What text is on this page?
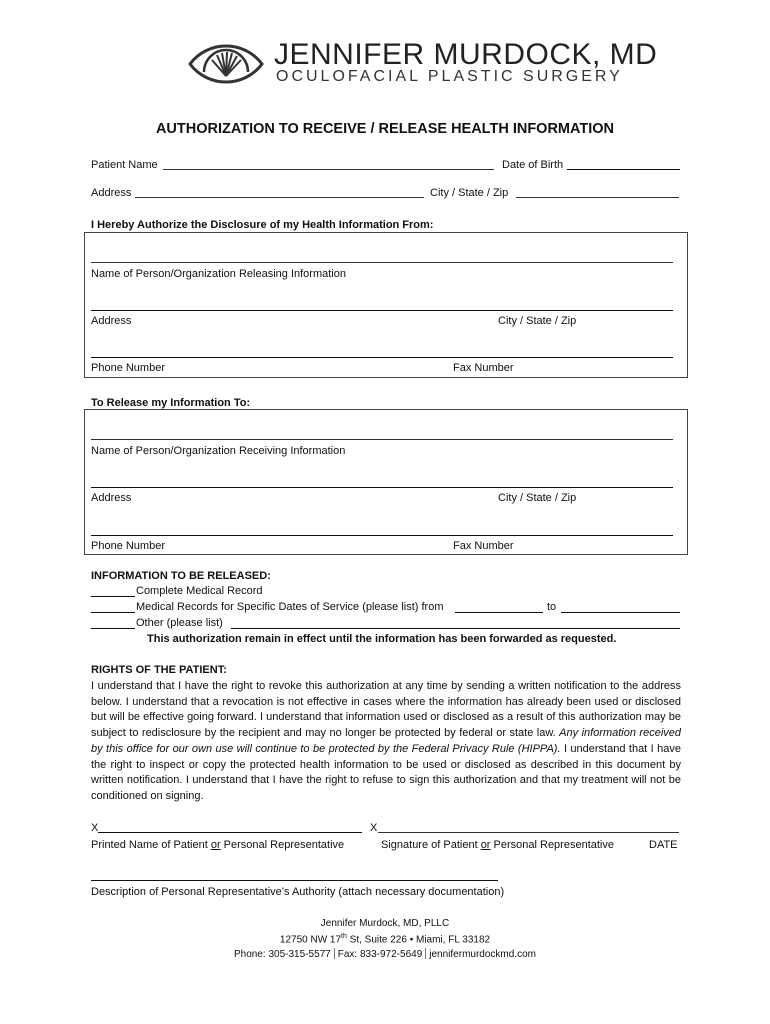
JENNIFER MURDOCK, MD
OCULOFACIAL PLASTIC SURGERY
AUTHORIZATION TO RECEIVE / RELEASE HEALTH INFORMATION
Patient Name	Date of Birth
Address	City / State / Zip
I Hereby Authorize the Disclosure of my Health Information From:
Name of Person/Organization Releasing Information
Address	City / State / Zip
Phone Number	Fax Number
To Release my Information To:
Name of Person/Organization Receiving Information
Address	City / State / Zip
Phone Number	Fax Number
INFORMATION TO BE RELEASED:
Complete Medical Record
Medical Records for Specific Dates of Service (please list) from	to
Other (please list)
This authorization remain in effect until the information has been forwarded as requested.
RIGHTS OF THE PATIENT:
I understand that I have the right to revoke this authorization at any time by sending a written notification to the address below. I understand that a revocation is not effective in cases where the information has already been used or disclosed but will be effective going forward. I understand that information used or disclosed as a result of this authorization may be subject to redisclosure by the recipient and may no longer be protected by federal or state law. Any information received by this office for our own use will continue to be protected by the Federal Privacy Rule (HIPPA). I understand that I have the right to inspect or copy the protected health information to be used or disclosed as described in this document by written notification. I understand that I have the right to refuse to sign this authorization and that my treatment will not be conditioned on signing.
X	X
Printed Name of Patient or Personal Representative	Signature of Patient or Personal Representative	DATE
Description of Personal Representative’s Authority (attach necessary documentation)
Jennifer Murdock, MD, PLLC
12750 NW 17th St, Suite 226 • Miami, FL 33182
Phone: 305-315-5577 Fax: 833-972-5649 jennifermurdockmd.com
